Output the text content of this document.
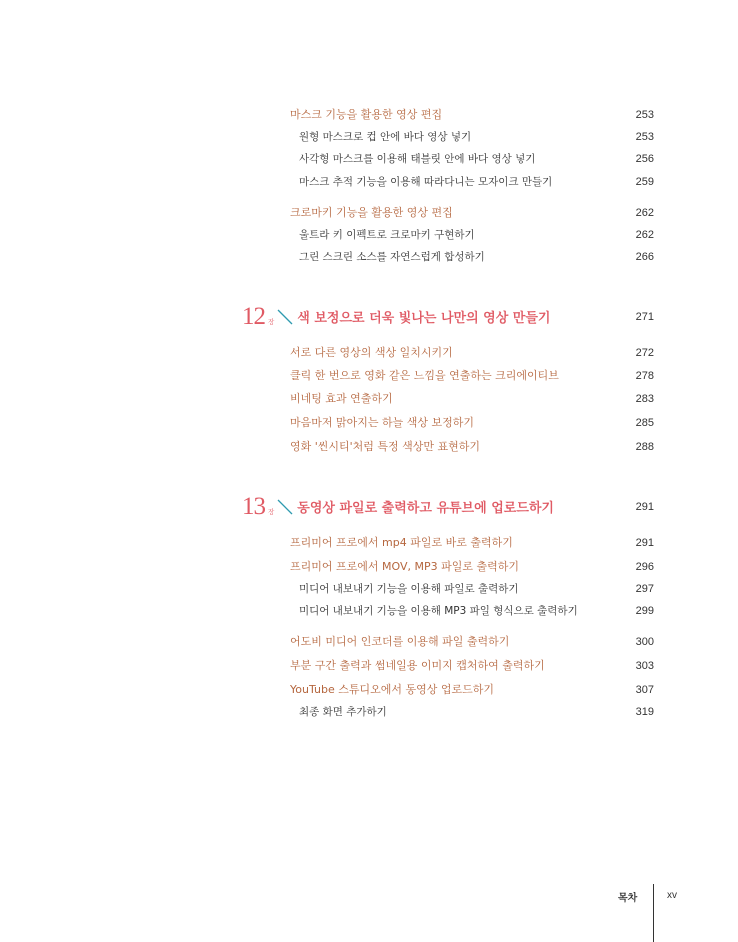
마스크 기능을 활용한 영상 편집	253
원형 마스크로 컵 안에 바다 영상 넣기	253
사각형 마스크를 이용해 태블릿 안에 바다 영상 넣기	256
마스크 추적 기능을 이용해 따라다니는 모자이크 만들기	259
크로마키 기능을 활용한 영상 편집	262
울트라 키 이펙트로 크로마키 구현하기	262
그린 스크린 소스를 자연스럽게 합성하기	266
12 장 색 보정으로 더욱 빛나는 나만의 영상 만들기	271
서로 다른 영상의 색상 일치시키기	272
클릭 한 번으로 영화 같은 느낌을 연출하는 크리에이티브	278
비네팅 효과 연출하기	283
마음마저 맑아지는 하늘 색상 보정하기	285
영화 '씬시티'처럼 특정 색상만 표현하기	288
13 장 동영상 파일로 출력하고 유튜브에 업로드하기	291
프리미어 프로에서 mp4 파일로 바로 출력하기	291
프리미어 프로에서 MOV, MP3 파일로 출력하기	296
미디어 내보내기 기능을 이용해 파일로 출력하기	297
미디어 내보내기 기능을 이용해 MP3 파일 형식으로 출력하기	299
어도비 미디어 인코더를 이용해 파일 출력하기	300
부분 구간 출력과 썸네일용 이미지 캡처하여 출력하기	303
YouTube 스튜디오에서 동영상 업로드하기	307
최종 화면 추가하기	319
목차	xv
